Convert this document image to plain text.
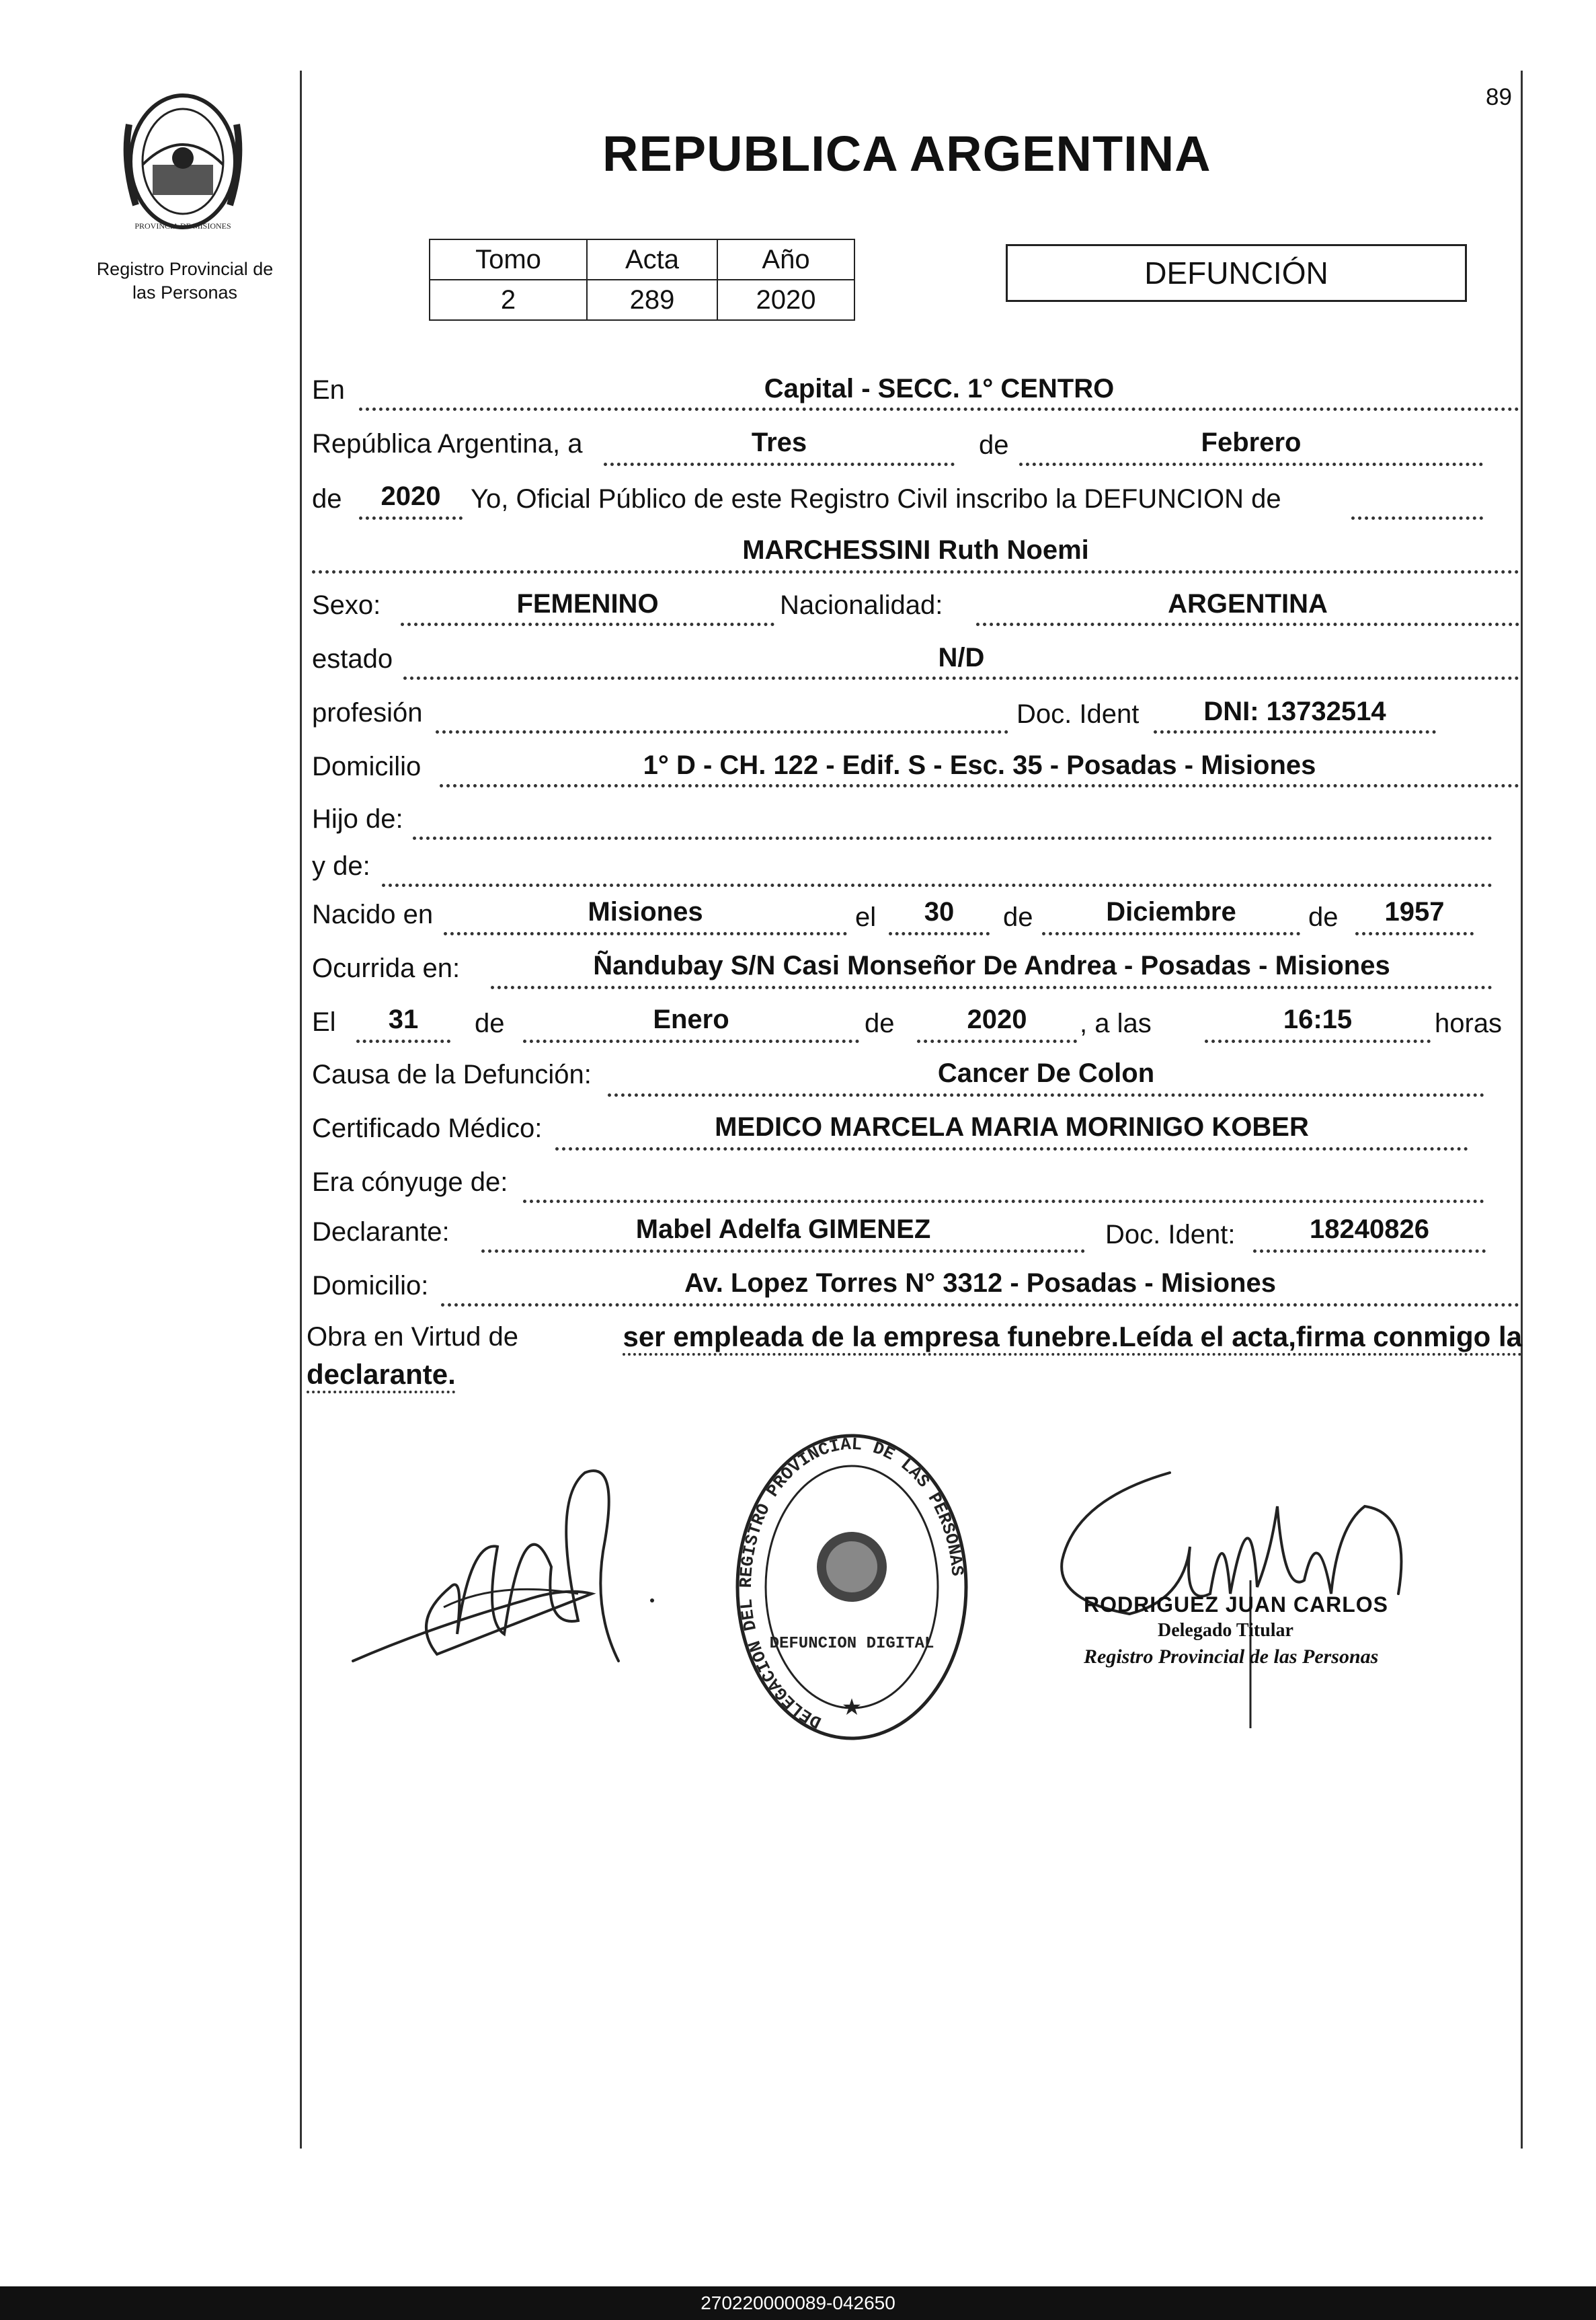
PROVINCIA DE MISIONES
Registro Provincial de
las Personas
89
REPUBLICA ARGENTINA
Tomo	Acta	Año
2	289	2020
DEFUNCIÓN
En	Capital - SECC. 1° CENTRO
República Argentina, a	Tres	de	Febrero
de	2020	Yo, Oficial Público de este Registro Civil inscribo la DEFUNCION de
MARCHESSINI Ruth Noemi
Sexo:	FEMENINO	Nacionalidad:	ARGENTINA
estado	N/D
profesión	Doc. Ident	DNI: 13732514
Domicilio	1° D - CH. 122 - Edif. S - Esc. 35 - Posadas - Misiones
Hijo de:
y de:
Nacido en	Misiones	el	30	de	Diciembre	de	1957
Ocurrida en:	Ñandubay S/N Casi Monseñor De Andrea - Posadas - Misiones
El	31	de	Enero	de	2020	, a las	16:15	horas
Causa de la Defunción:	Cancer De Colon
Certificado Médico:	MEDICO MARCELA MARIA MORINIGO KOBER
Era cónyuge de:
Declarante:	Mabel Adelfa GIMENEZ	Doc. Ident:	18240826
Domicilio:	Av. Lopez Torres N° 3312 - Posadas - Misiones
Obra en Virtud de	ser empleada de la empresa funebre.Leída el acta,firma conmigo la
declarante.
DELEGACION DEL REGISTRO PROVINCIAL DE LAS PERSONAS
DEFUNCION DIGITAL
★
RODRIGUEZ JUAN CARLOS
Delegado Titular
Registro Provincial de las Personas
270220000089-042650
